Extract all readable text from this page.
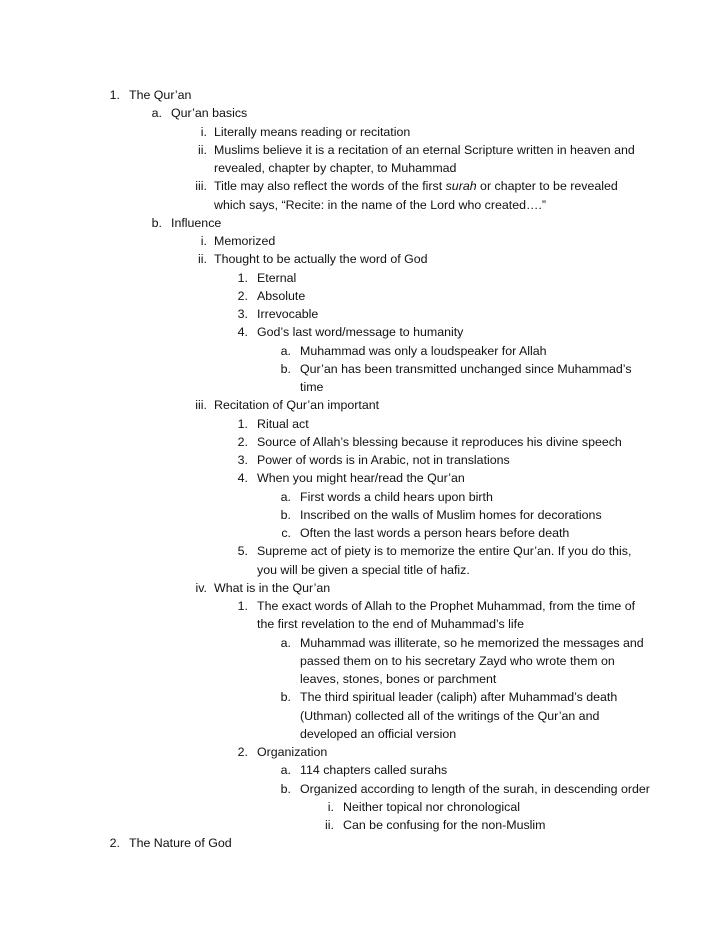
1. The Qur’an
a. Qur’an basics
i. Literally means reading or recitation
ii. Muslims believe it is a recitation of an eternal Scripture written in heaven and
revealed, chapter by chapter, to Muhammad
iii. Title may also reflect the words of the first surah or chapter to be revealed
which says, “Recite: in the name of the Lord who created….”
b. Influence
i. Memorized
ii. Thought to be actually the word of God
1. Eternal
2. Absolute
3. Irrevocable
4. God’s last word/message to humanity
a. Muhammad was only a loudspeaker for Allah
b. Qur’an has been transmitted unchanged since Muhammad’s
time
iii. Recitation of Qur’an important
1. Ritual act
2. Source of Allah’s blessing because it reproduces his divine speech
3. Power of words is in Arabic, not in translations
4. When you might hear/read the Qur’an
a. First words a child hears upon birth
b. Inscribed on the walls of Muslim homes for decorations
c. Often the last words a person hears before death
5. Supreme act of piety is to memorize the entire Qur’an. If you do this,
you will be given a special title of hafiz.
iv. What is in the Qur’an
1. The exact words of Allah to the Prophet Muhammad, from the time of
the first revelation to the end of Muhammad’s life
a. Muhammad was illiterate, so he memorized the messages and
passed them on to his secretary Zayd who wrote them on
leaves, stones, bones or parchment
b. The third spiritual leader (caliph) after Muhammad’s death
(Uthman) collected all of the writings of the Qur’an and
developed an official version
2. Organization
a. 114 chapters called surahs
b. Organized according to length of the surah, in descending order
i. Neither topical nor chronological
ii. Can be confusing for the non-Muslim
2. The Nature of God
